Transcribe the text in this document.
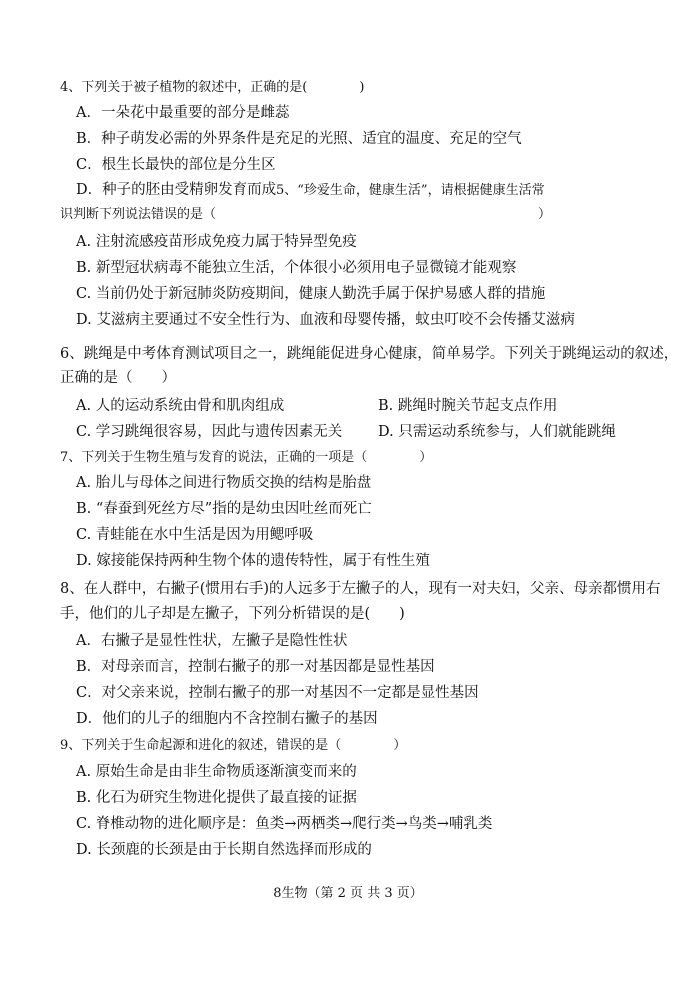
4、下列关于被子植物的叙述中，正确的是(　　　　)
A．一朵花中最重要的部分是雌蕊
B．种子萌发必需的外界条件是充足的光照、适宜的温度、充足的空气
C．根生长最快的部位是分生区
D．种子的胚由受精卵发育而成 5、“珍爱生命，健康生活”，请根据健康生活常
识判断下列说法错误的是（	）
A. 注射流感疫苗形成免疫力属于特异型免疫
B. 新型冠状病毒不能独立生活，个体很小必须用电子显微镜才能观察
C. 当前仍处于新冠肺炎防疫期间，健康人勤洗手属于保护易感人群的措施
D. 艾滋病主要通过不安全性行为、血液和母婴传播，蚊虫叮咬不会传播艾滋病
6、跳绳是中考体育测试项目之一，跳绳能促进身心健康，简单易学。下列关于跳绳运动的叙述，
正确的是（　　）
A. 人的运动系统由骨和肌肉组成	B. 跳绳时腕关节起支点作用
C. 学习跳绳很容易，因此与遗传因素无关 D. 只需运动系统参与，人们就能跳绳
7、下列关于生物生殖与发育的说法，正确的一项是（　　　　）
A. 胎儿与母体之间进行物质交换的结构是胎盘
B. “春蚕到死丝方尽”指的是幼虫因吐丝而死亡
C. 青蛙能在水中生活是因为用鳃呼吸
D. 嫁接能保持两种生物个体的遗传特性，属于有性生殖
8、在人群中，右撇子(惯用右手)的人远多于左撇子的人，现有一对夫妇，父亲、母亲都惯用右
手，他们的儿子却是左撇子，下列分析错误的是(　　)
A．右撇子是显性性状，左撇子是隐性性状
B．对母亲而言，控制右撇子的那一对基因都是显性基因
C．对父亲来说，控制右撇子的那一对基因不一定都是显性基因
D．他们的儿子的细胞内不含控制右撇子的基因
9、下列关于生命起源和进化的叙述，错误的是（　　　　）
A. 原始生命是由非生命物质逐渐演变而来的
B. 化石为研究生物进化提供了最直接的证据
C. 脊椎动物的进化顺序是：鱼类→两栖类→爬行类→鸟类→哺乳类
D. 长颈鹿的长颈是由于长期自然选择而形成的
8生物（第 2 页 共 3 页）
